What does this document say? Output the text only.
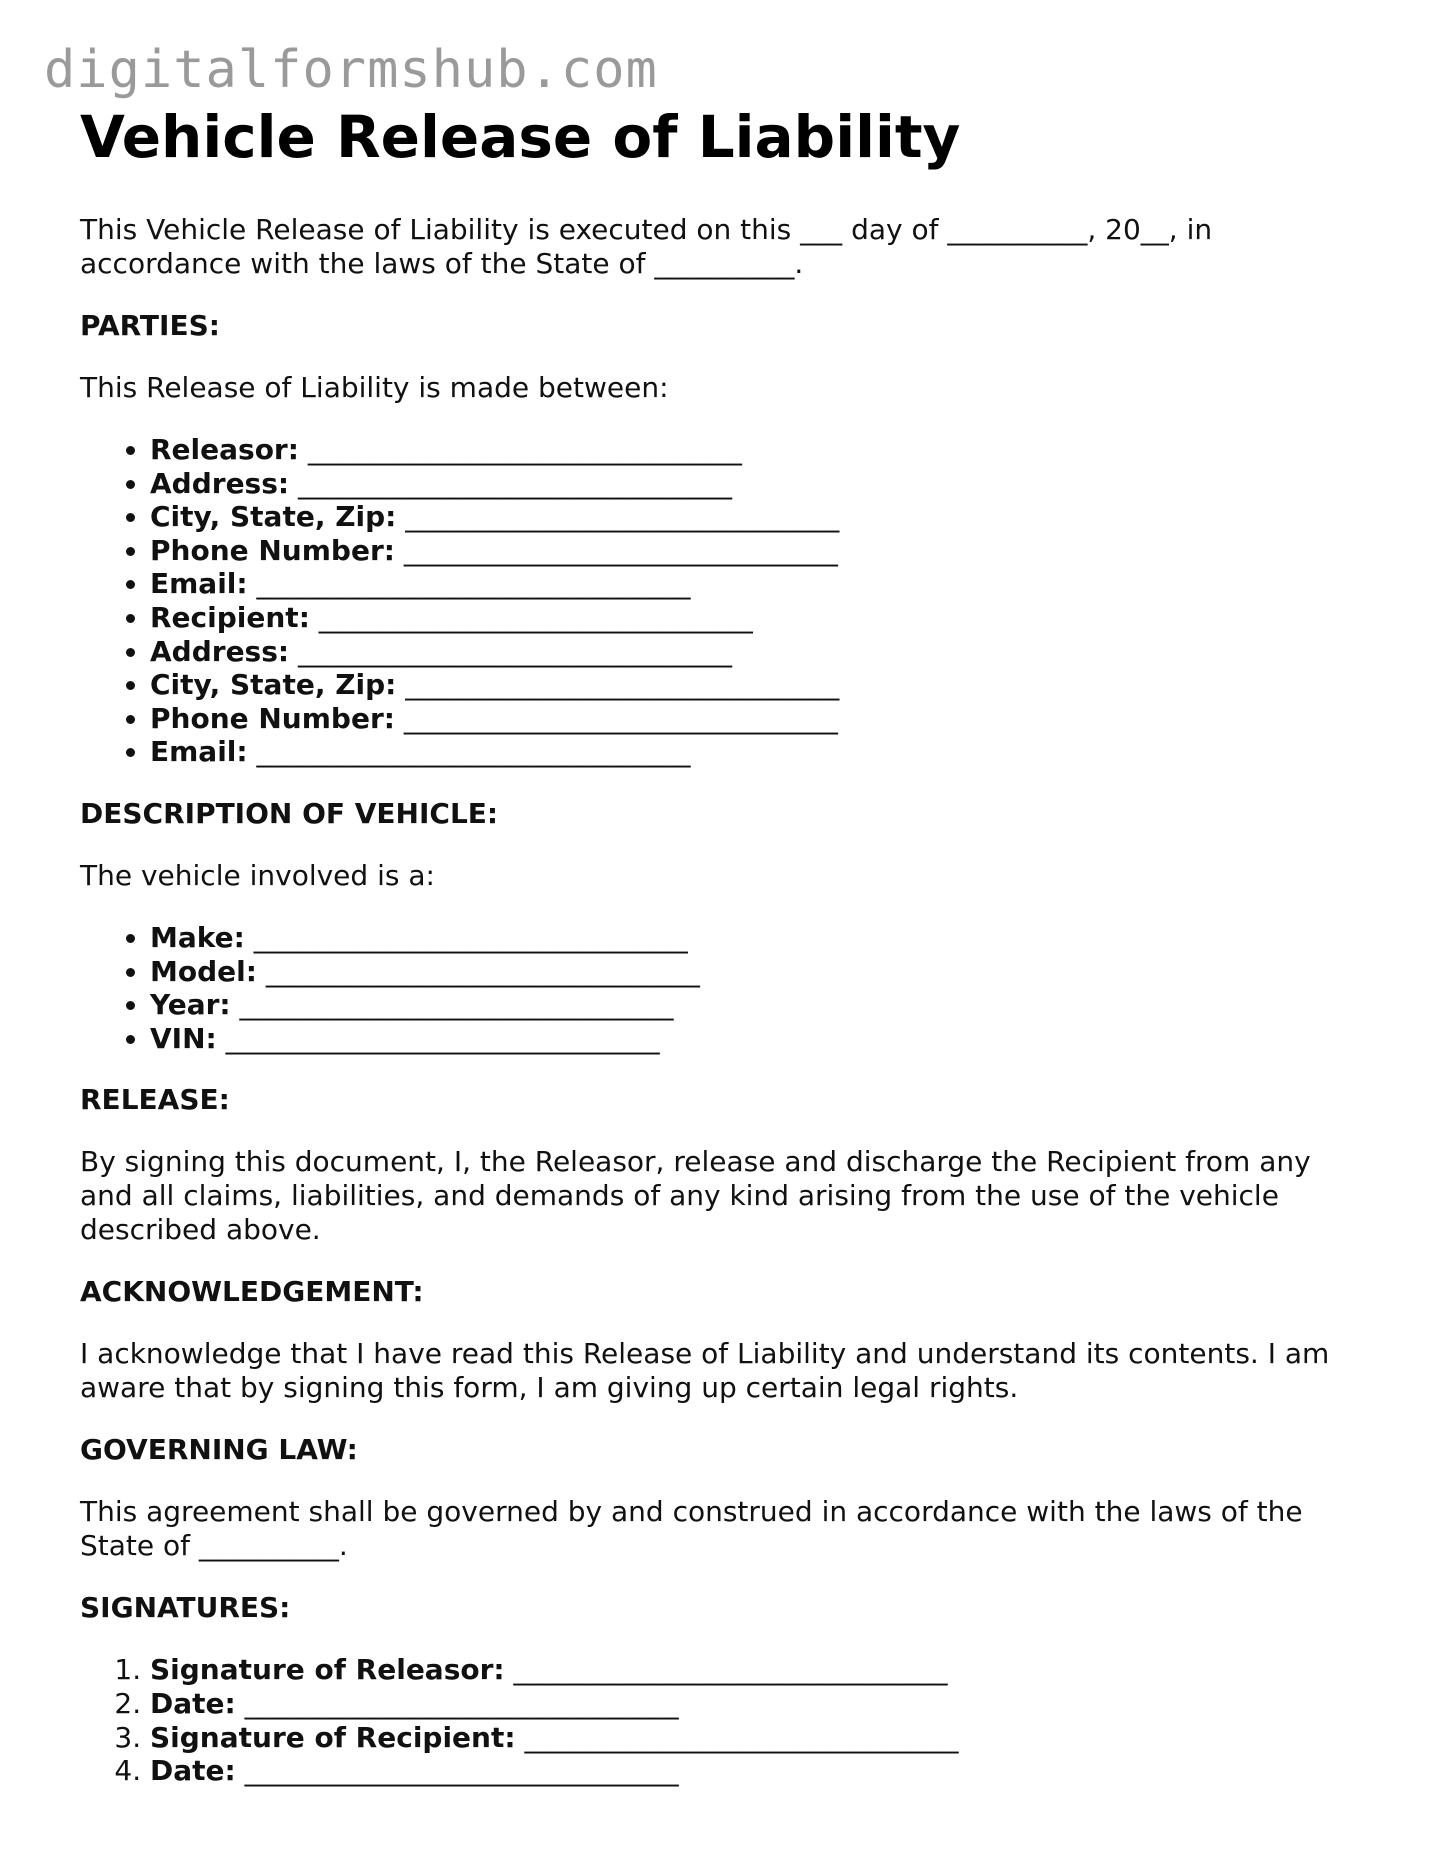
digitalformshub.com
Vehicle Release of Liability

This Vehicle Release of Liability is executed on this ___ day of __________, 20__, in accordance with the laws of the State of __________.

PARTIES:

This Release of Liability is made between:

• Releasor: _______________________________
• Address: _______________________________
• City, State, Zip: _______________________________
• Phone Number: _______________________________
• Email: _______________________________
• Recipient: _______________________________
• Address: _______________________________
• City, State, Zip: _______________________________
• Phone Number: _______________________________
• Email: _______________________________
DESCRIPTION OF VEHICLE:

The vehicle involved is a:

• Make: _______________________________
• Model: _______________________________
• Year: _______________________________
• VIN: _______________________________
RELEASE:

By signing this document, I, the Releasor, release and discharge the Recipient from any and all claims, liabilities, and demands of any kind arising from the use of the vehicle described above.

ACKNOWLEDGEMENT:

I acknowledge that I have read this Release of Liability and understand its contents. I am aware that by signing this form, I am giving up certain legal rights.

GOVERNING LAW:

This agreement shall be governed by and construed in accordance with the laws of the State of __________.

SIGNATURES:
1. Signature of Releasor: _______________________________
2. Date: _______________________________
3. Signature of Recipient: _______________________________
4. Date: _______________________________
